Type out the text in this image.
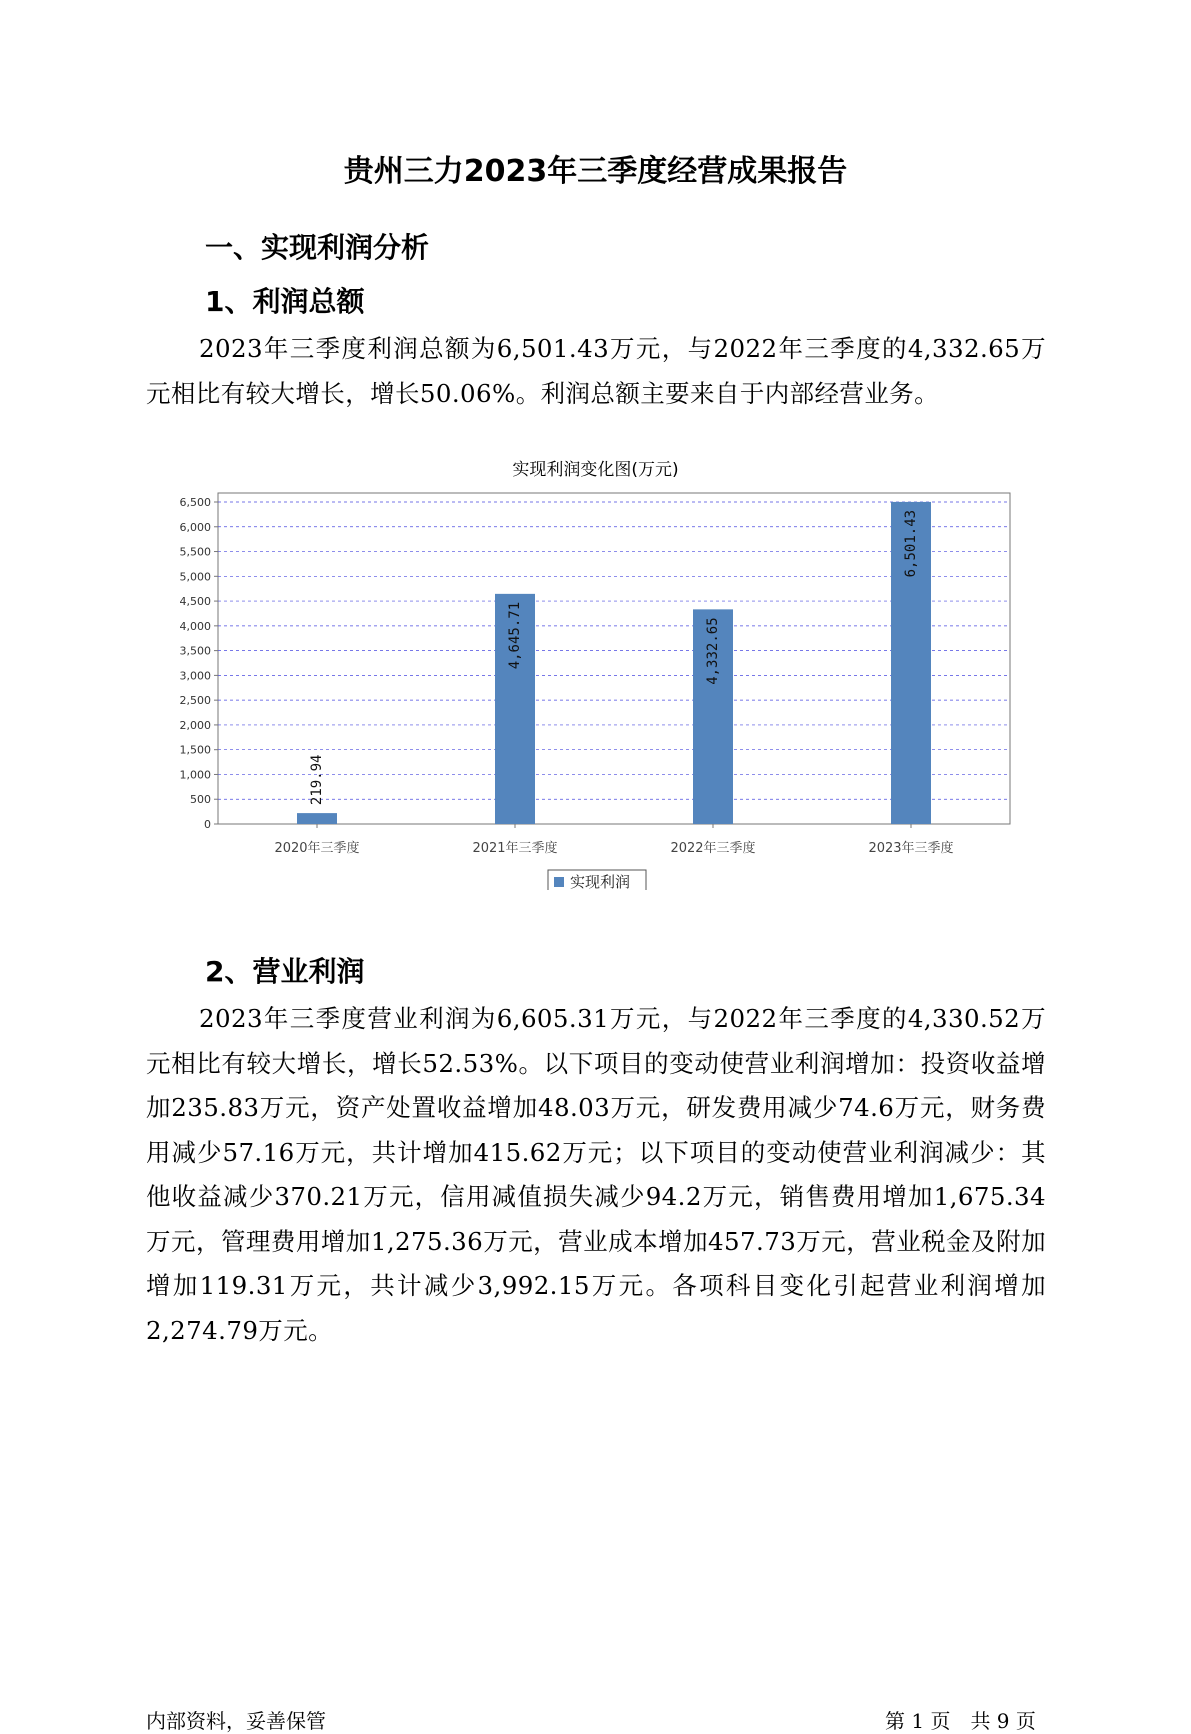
贵州三力2023年三季度经营成果报告
一、实现利润分析
1、利润总额
2023年三季度利润总额为6,501.43万元，与2022年三季度的4,332.65万元相比有较大增长，增长50.06%。利润总额主要来自于内部经营业务。
实现利润变化图(万元)
0
500
1,000
1,500
2,000
2,500
3,000
3,500
4,000
4,500
5,000
5,500
6,000
6,500
2020年三季度
219.94
2021年三季度
4,645.71
2022年三季度
4,332.65
2023年三季度
6,501.43
实现利润
2、营业利润
2023年三季度营业利润为6,605.31万元，与2022年三季度的4,330.52万元相比有较大增长，增长52.53%。以下项目的变动使营业利润增加：投资收益增加235.83万元，资产处置收益增加48.03万元，研发费用减少74.6万元，财务费用减少57.16万元，共计增加415.62万元；以下项目的变动使营业利润减少：其他收益减少370.21万元，信用减值损失减少94.2万元，销售费用增加1,675.34万元，管理费用增加1,275.36万元，营业成本增加457.73万元，营业税金及附加增加119.31万元，共计减少3,992.15万元。各项科目变化引起营业利润增加2,274.79万元。
内部资料，妥善保管	第 1 页　共 9 页
